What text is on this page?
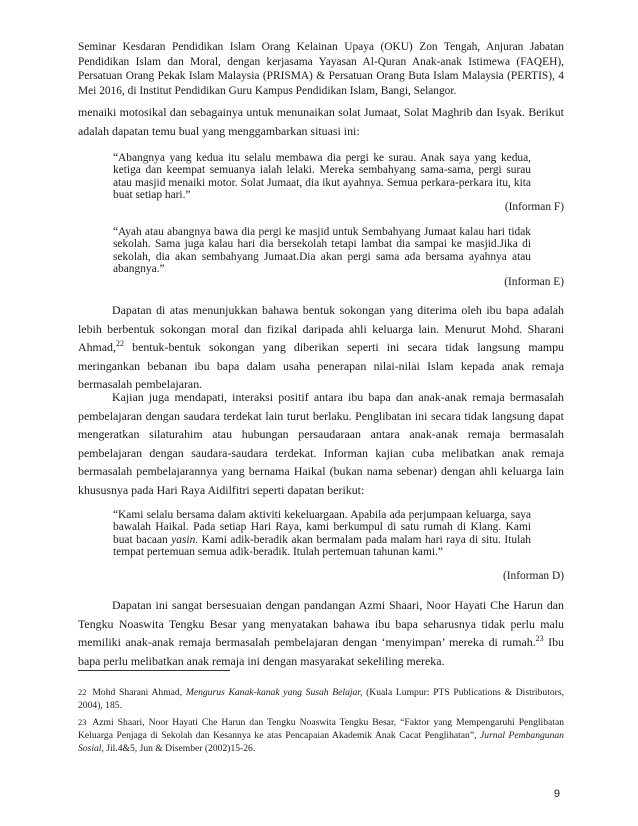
Seminar Kesdaran Pendidikan Islam Orang Kelainan Upaya (OKU) Zon Tengah, Anjuran Jabatan Pendidikan Islam dan Moral, dengan kerjasama Yayasan Al-Quran Anak-anak Istimewa (FAQEH), Persatuan Orang Pekak Islam Malaysia (PRISMA) & Persatuan Orang Buta Islam Malaysia (PERTIS), 4 Mei 2016, di Institut Pendidikan Guru Kampus Pendidikan Islam, Bangi, Selangor.
menaiki motosikal dan sebagainya untuk menunaikan solat Jumaat, Solat Maghrib dan Isyak. Berikut adalah dapatan temu bual yang menggambarkan situasi ini:
“Abangnya yang kedua itu selalu membawa dia pergi ke surau. Anak saya yang kedua, ketiga dan keempat semuanya ialah lelaki. Mereka sembahyang sama-sama, pergi surau atau masjid menaiki motor. Solat Jumaat, dia ikut ayahnya. Semua perkara-perkara itu, kita buat setiap hari.”
(Informan F)
“Ayah atau abangnya bawa dia pergi ke masjid untuk Sembahyang Jumaat kalau hari tidak sekolah. Sama juga kalau hari dia bersekolah tetapi lambat dia sampai ke masjid.Jika di sekolah, dia akan sembahyang Jumaat.Dia akan pergi sama ada bersama ayahnya atau abangnya.”
(Informan E)
Dapatan di atas menunjukkan bahawa bentuk sokongan yang diterima oleh ibu bapa adalah lebih berbentuk sokongan moral dan fizikal daripada ahli keluarga lain. Menurut Mohd. Sharani Ahmad,$^{22}$ bentuk-bentuk sokongan yang diberikan seperti ini secara tidak langsung mampu meringankan bebanan ibu bapa dalam usaha penerapan nilai-nilai Islam kepada anak remaja bermasalah pembelajaran.
Kajian juga mendapati, interaksi positif antara ibu bapa dan anak-anak remaja bermasalah pembelajaran dengan saudara terdekat lain turut berlaku. Penglibatan ini secara tidak langsung dapat mengeratkan silaturahim atau hubungan persaudaraan antara anak-anak remaja bermasalah pembelajaran dengan saudara-saudara terdekat. Informan kajian cuba melibatkan anak remaja bermasalah pembelajarannya yang bernama Haikal (bukan nama sebenar) dengan ahli keluarga lain khususnya pada Hari Raya Aidilfitri seperti dapatan berikut:
“Kami selalu bersama dalam aktiviti kekeluargaan. Apabila ada perjumpaan keluarga, saya bawalah Haikal. Pada setiap Hari Raya, kami berkumpul di satu rumah di Klang. Kami buat bacaan yasin. Kami adik-beradik akan bermalam pada malam hari raya di situ. Itulah tempat pertemuan semua adik-beradik. Itulah pertemuan tahunan kami.”
(Informan D)
Dapatan ini sangat bersesuaian dengan pandangan Azmi Shaari, Noor Hayati Che Harun dan Tengku Noaswita Tengku Besar yang menyatakan bahawa ibu bapa seharusnya tidak perlu malu memiliki anak-anak remaja bermasalah pembelajaran dengan ‘menyimpan’ mereka di rumah.$^{23}$ Ibu bapa perlu melibatkan anak remaja ini dengan masyarakat sekeliling mereka.
22 Mohd Sharani Ahmad, Mengurus Kanak-kanak yang Susah Belajar, (Kuala Lumpur: PTS Publications & Distributors, 2004), 185.
23 Azmi Shaari, Noor Hayati Che Harun dan Tengku Noaswita Tengku Besar, “Faktor yang Mempengaruhi Penglibatan Keluarga Penjaga di Sekolah dan Kesannya ke atas Pencapaian Akademik Anak Cacat Penglihatan”, Jurnal Pembangunan Sosial, Jil.4&5, Jun & Disember (2002)15-26.
9
